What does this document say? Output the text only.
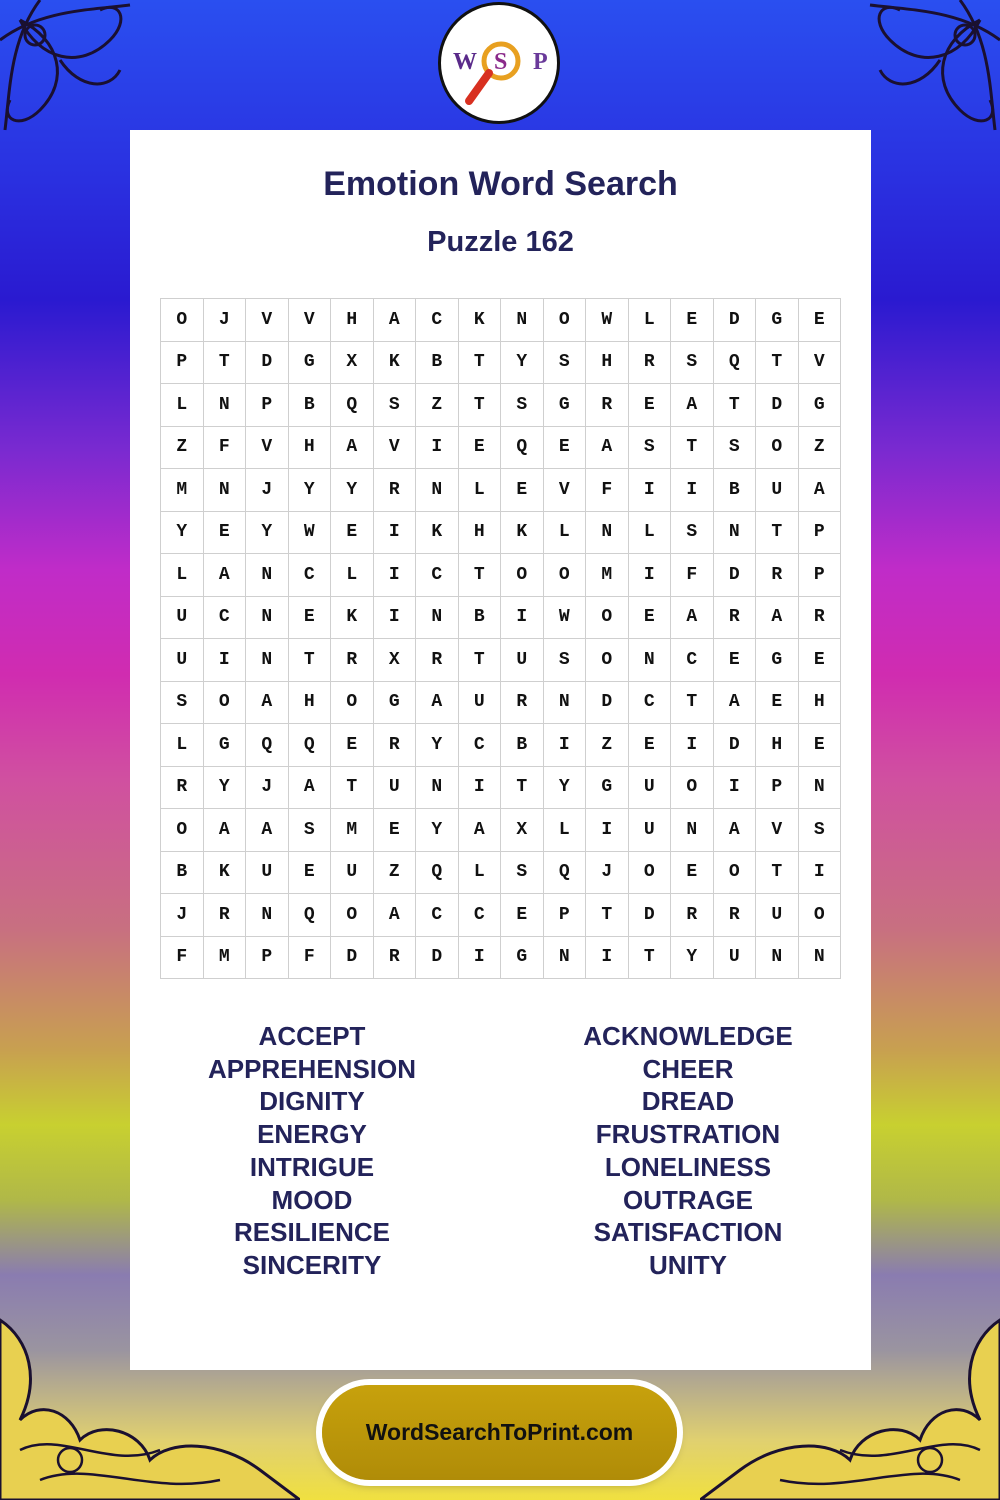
W S P
Emotion Word Search
Puzzle 162
O	J	V	V	H	A	C	K	N	O	W	L	E	D	G	E
P	T	D	G	X	K	B	T	Y	S	H	R	S	Q	T	V
L	N	P	B	Q	S	Z	T	S	G	R	E	A	T	D	G
Z	F	V	H	A	V	I	E	Q	E	A	S	T	S	O	Z
M	N	J	Y	Y	R	N	L	E	V	F	I	I	B	U	A
Y	E	Y	W	E	I	K	H	K	L	N	L	S	N	T	P
L	A	N	C	L	I	C	T	O	O	M	I	F	D	R	P
U	C	N	E	K	I	N	B	I	W	O	E	A	R	A	R
U	I	N	T	R	X	R	T	U	S	O	N	C	E	G	E
S	O	A	H	O	G	A	U	R	N	D	C	T	A	E	H
L	G	Q	Q	E	R	Y	C	B	I	Z	E	I	D	H	E
R	Y	J	A	T	U	N	I	T	Y	G	U	O	I	P	N
O	A	A	S	M	E	Y	A	X	L	I	U	N	A	V	S
B	K	U	E	U	Z	Q	L	S	Q	J	O	E	O	T	I
J	R	N	Q	O	A	C	C	E	P	T	D	R	R	U	O
F	M	P	F	D	R	D	I	G	N	I	T	Y	U	N	N
ACCEPT
APPREHENSION
DIGNITY
ENERGY
INTRIGUE
MOOD
RESILIENCE
SINCERITY
ACKNOWLEDGE
CHEER
DREAD
FRUSTRATION
LONELINESS
OUTRAGE
SATISFACTION
UNITY
WordSearchToPrint.com
